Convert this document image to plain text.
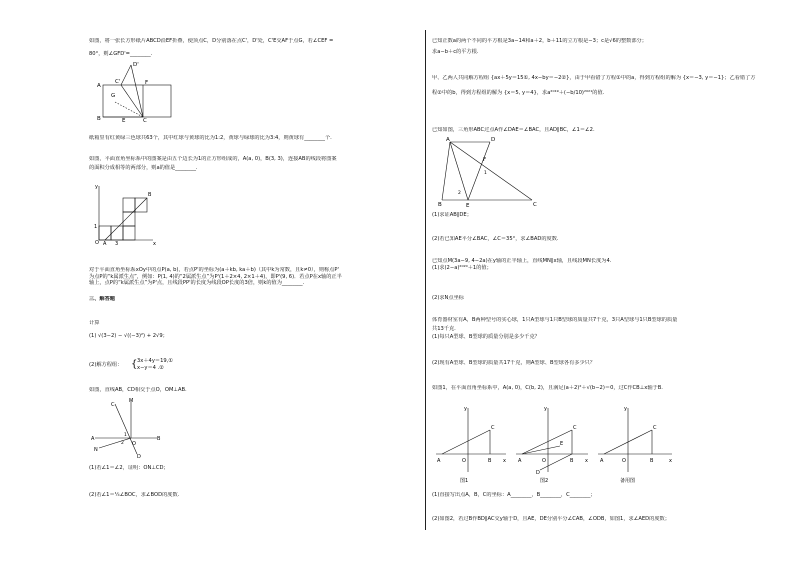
如图，将一张长方形纸片ABCD沿EF折叠，使顶点C，D分别落在点C'，D'处，C'E交AF于点G，若∠CEF =
80°，则∠GFD'=________.
A
B	C
E
F
G
D'
C'
纸箱里有红黄绿三色球共63个，其中红球与黄球的比为1:2，黄球与绿球的比为3:4，则黄球有________个.
如图，平面直角坐标系中的图案是由五个边长为1的正方形组成的，A(a, 0)，B(3, 3)，连接AB的线段将图案
的面积分成相等的两部分，则a的值是________.
O A
B
x
y
1
3
对于平面直角坐标系xOy中的点P(a, b)，若点P'的坐标为(a＋kb, ka＋b)（其中k为常数，且k≠0），则称点P'
为点P的“k属派生点”，例如：P(1, 4)的“2属派生点”为P'(1＋2×4, 2×1＋4)，即P'(9, 6)．若点P在x轴的正半
轴上，点P的“k属派生点”为P'点，且线段PP'的长度为线段OP长度的3倍，则k的值为________.
三、解答题
计算
(1) √(3−2) − √((−3)²) + 2√9；
(2)解方程组： { 3x＋4y＝19,①
x−y＝4 .②
如图，直线AB，CD相交于点O，OM⊥AB.
A	B
C
D
M
N
O
1
2
(1)若∠1＝∠2，证明：ON⊥CD；
(2)若∠1＝¼∠BOC，求∠BOD的度数.
已知正数a的两个不同的平方根是3a−14和a＋2，b＋11的立方根是−3；c是√6的整数部分；
求a−b＋c的平方根.
甲、乙两人共同解方程组 {ax＋5y＝15①, 4x−by＝−2②}，由于甲看错了方程①中的a，得到方程组的解为 {x＝−3, y＝−1}；乙看错了方
程②中的b，得到方程组的解为 {x＝5, y＝4}，求a²⁰¹⁹＋(−b/10)²⁰²¹的值.
已知如图，三角形ABC过点A作∠DAE＝∠BAC，且AD∥BC，∠1＝∠2.
A	D
F
B	E	C
1
2
(1)求证AB∥DE；
(2)若已知AE平分∠BAC，∠C＝35°，求∠BAD的度数.
已知点M(3a−9, 4−2a)在y轴的正半轴上，直线MN∥x轴，且线段MN长度为4.
(1)求(2−a)²⁰²⁰＋1的值；
(2)求N点坐标
体育器材室有A，B两种型号的实心球，1只A型球与1只B型球的质量共7千克，3只A型球与1只B型球的质量
共13千克.
(1)每只A型球、B型球的质量分别是多少千克？
(2)现有A型球、B型球的质量共17千克，则A型球、B型球各有多少只？
如图1，在平面直角坐标系中，A(a, 0)，C(b, 2)，且满足(a＋2)²＋√(b−2)＝0，过C作CB⊥x轴于B.
A	O	B
C
x
y
A	O	B
C
D
E
x
y
A	O	B
C
x
y
图1	图2	备用图
(1)直接写出点A，B，C的坐标：A________，B________，C________；
(2)如图2，若过B作BD∥AC交y轴于D，且AE，DE分别平分∠CAB，∠ODB，如图1，求∠AED的度数；
